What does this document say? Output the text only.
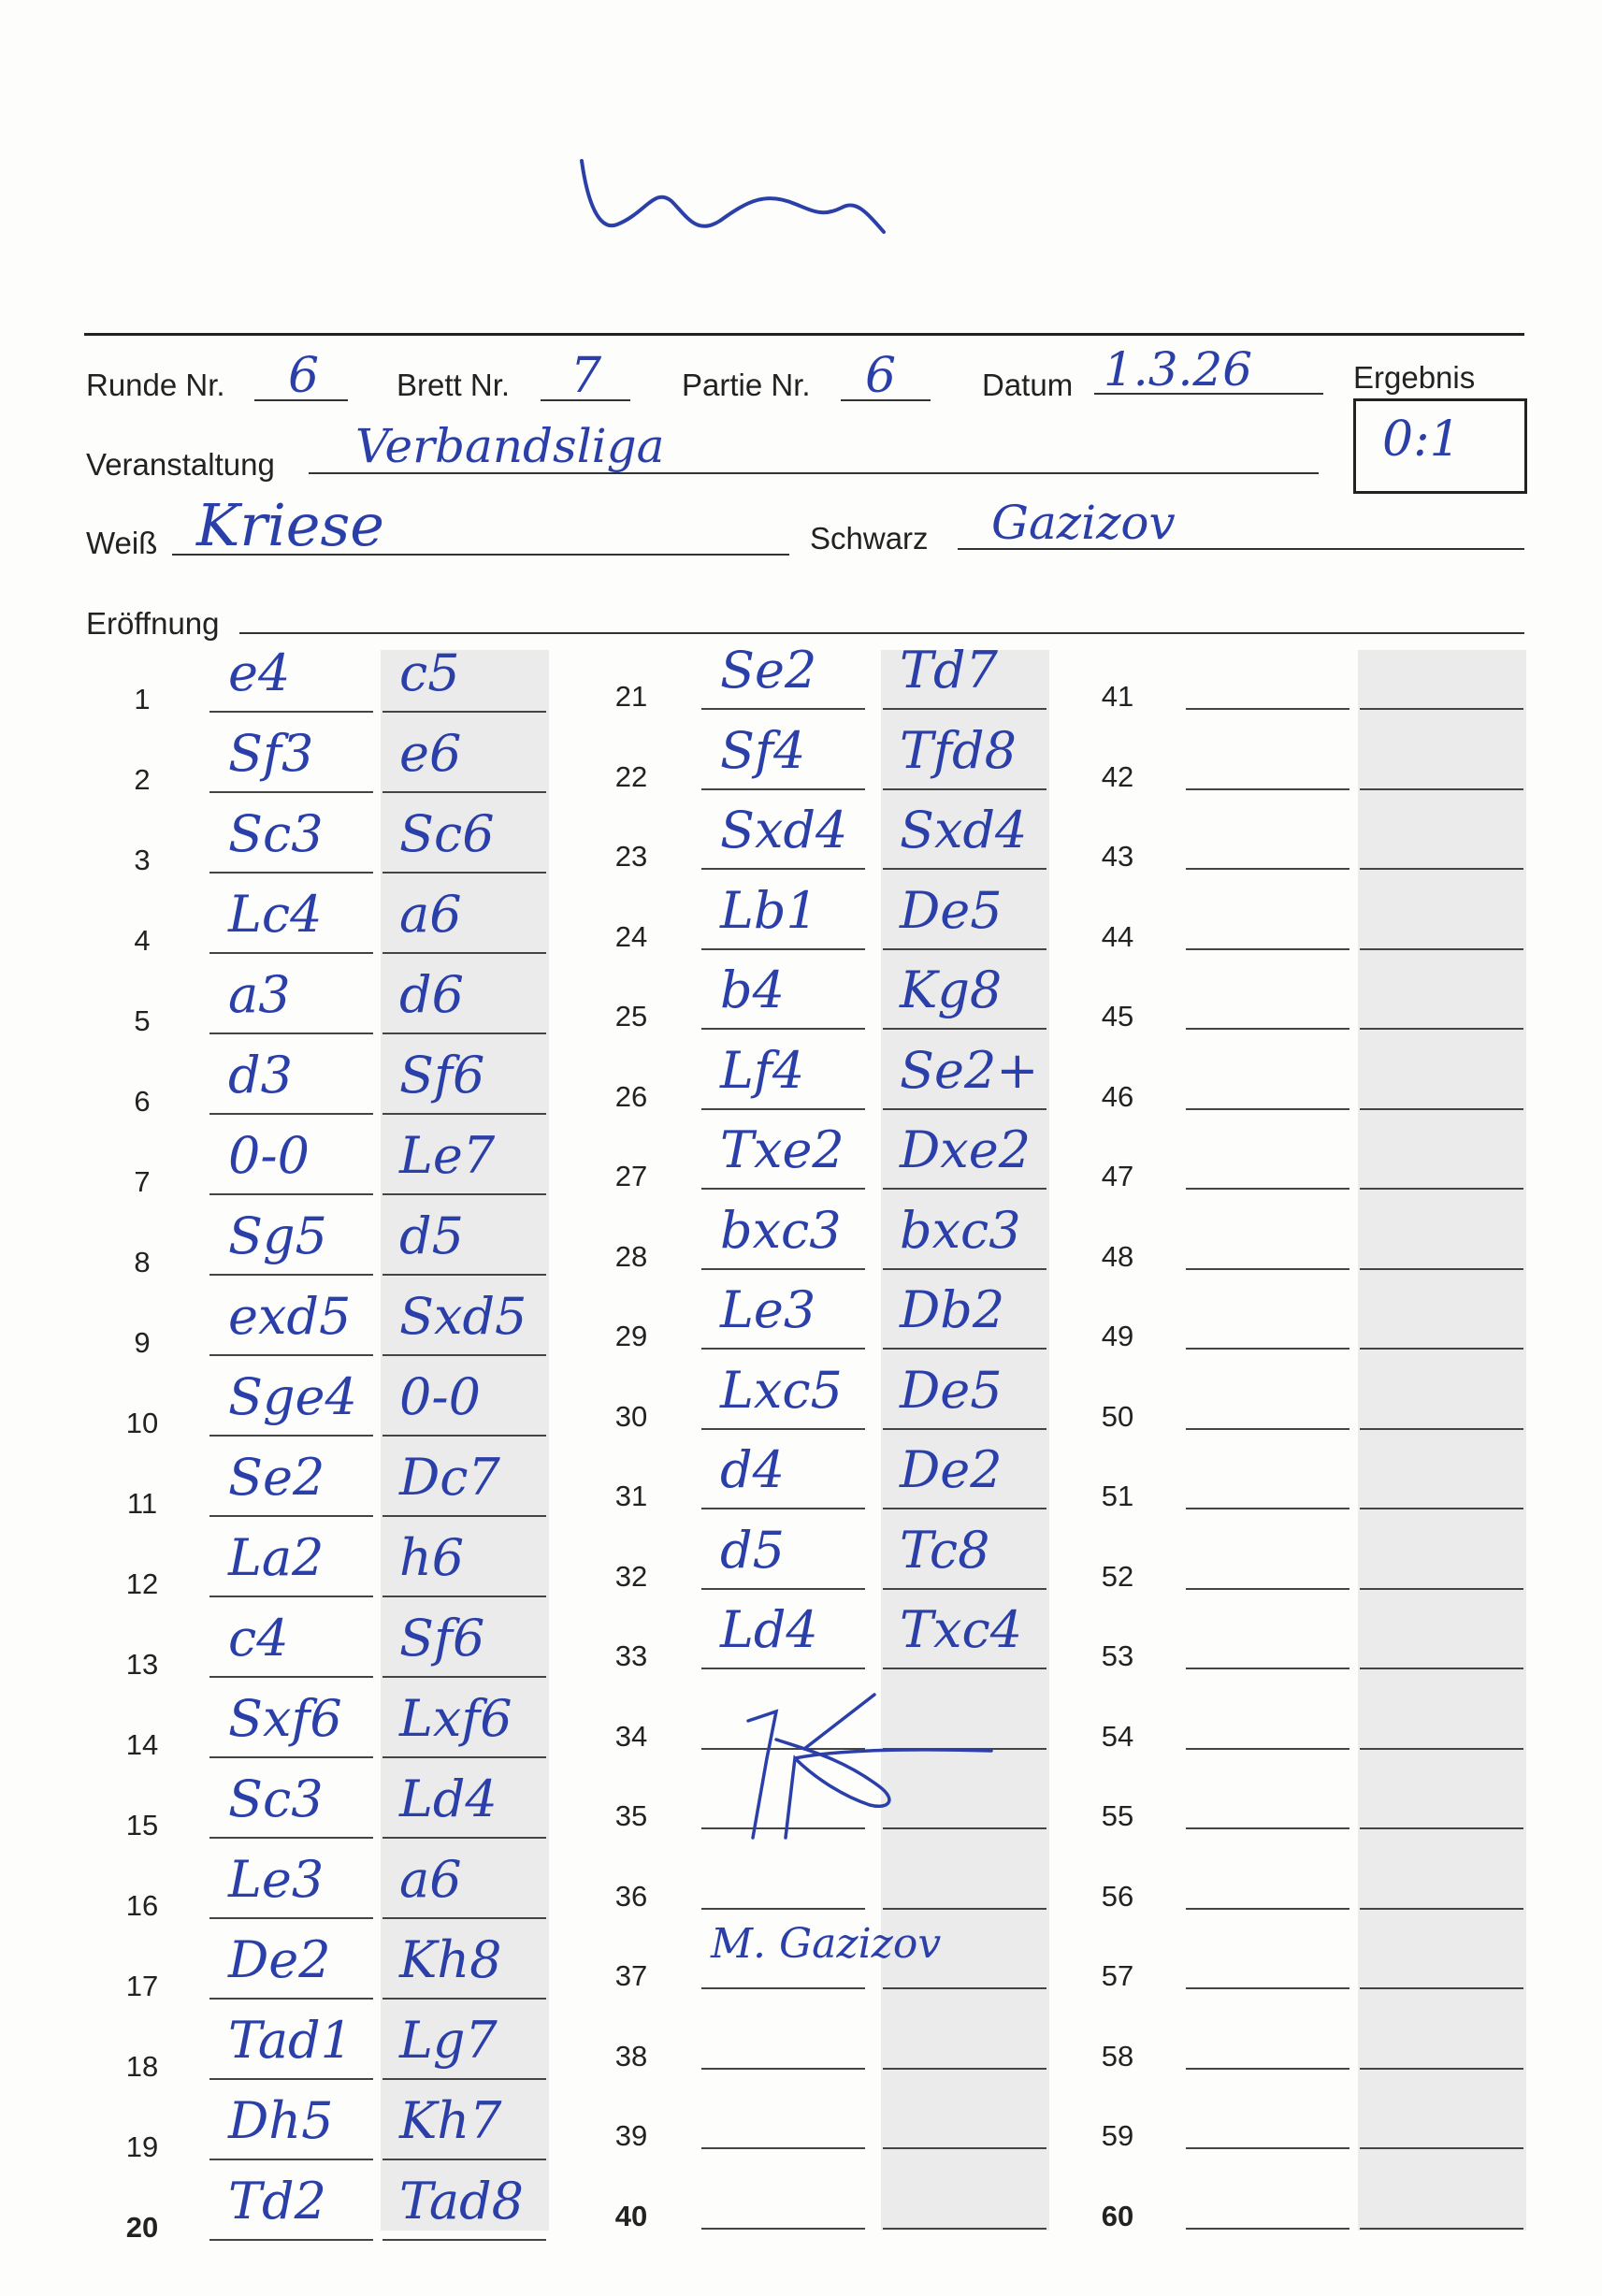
Runde Nr. 6	Brett Nr. 7	Partie Nr. 6	Datum 1.3.26	Ergebnis
0:1
Veranstaltung Verbandsliga
Weiß Kriese	Schwarz Gazizov
Eröffnung
1	e4 c5
2	Sf3 e6
3	Sc3 Sc6
4	Lc4 a6
5	a3 d6
6	d3 Sf6
7	0-0 Le7
8	Sg5 d5
9	exd5 Sxd5
10 Sge4 0-0
11 Se2 Dc7
12 La2 h6
13 c4 Sf6
14 Sxf6 Lxf6
15 Sc3 Ld4
16 Le3 a6
17 De2 Kh8
18 Tad1 Lg7
19 Dh5 Kh7
20 Td2 Tad8
21 Se2 Td7
22 Sf4 Tfd8
23 Sxd4 Sxd4
24 Lb1 De5
25 b4 Kg8
26 Lf4 Se2+
27 Txe2 Dxe2
28 bxc3 bxc3
29 Le3 Db2
30 Lxc5 De5
31 d4 De2
32 d5 Tc8
33 Ld4 Txc4
34
35
36
37
M. Gazizov
38
39
40
41
42
43
44
45
46
47
48
49
50
51
52
53
54
55
56
57
58
59
60
